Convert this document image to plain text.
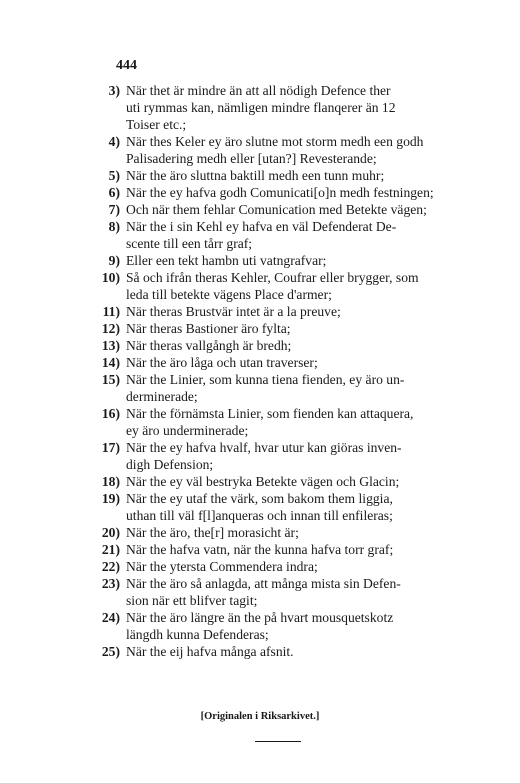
444
3) När thet är mindre än att all nödigh Defence ther
uti rymmas kan, nämligen mindre flanqerer än 12
Toiser etc.;
4) När thes Keler ey äro slutne mot storm medh een godh
Palisadering medh eller [utan?] Revesterande;
5) När the äro sluttna baktill medh een tunn muhr;
6) När the ey hafva godh Comunicati[o]n medh festningen;
7) Och när them fehlar Comunication med Betekte vägen;
8) När the i sin Kehl ey hafva en väl Defenderat De-
scente till een tårr graf;
9) Eller een tekt hambn uti vatngrafvar;
10) Så och ifrån theras Kehler, Coufrar eller brygger, som
leda till betekte vägens Place d'armer;
11) När theras Brustvär intet är a la preuve;
12) När theras Bastioner äro fylta;
13) När theras vallgångh är bredh;
14) När the äro låga och utan traverser;
15) När the Linier, som kunna tiena fienden, ey äro un-
derminerade;
16) När the förnämsta Linier, som fienden kan attaquera,
ey äro underminerade;
17) När the ey hafva hvalf, hvar utur kan giöras inven-
digh Defension;
18) När the ey väl bestryka Betekte vägen och Glacin;
19) När the ey utaf the värk, som bakom them liggia,
uthan till väl f[l]anqueras och innan till enfileras;
20) När the äro, the[r] morasicht är;
21) När the hafva vatn, när the kunna hafva torr graf;
22) När the ytersta Commendera indra;
23) När the äro så anlagda, att många mista sin Defen-
sion när ett blifver tagit;
24) När the äro längre än the på hvart mousquetskotz
längdh kunna Defenderas;
25) När the eij hafva många afsnit.
[Originalen i Riksarkivet.]
